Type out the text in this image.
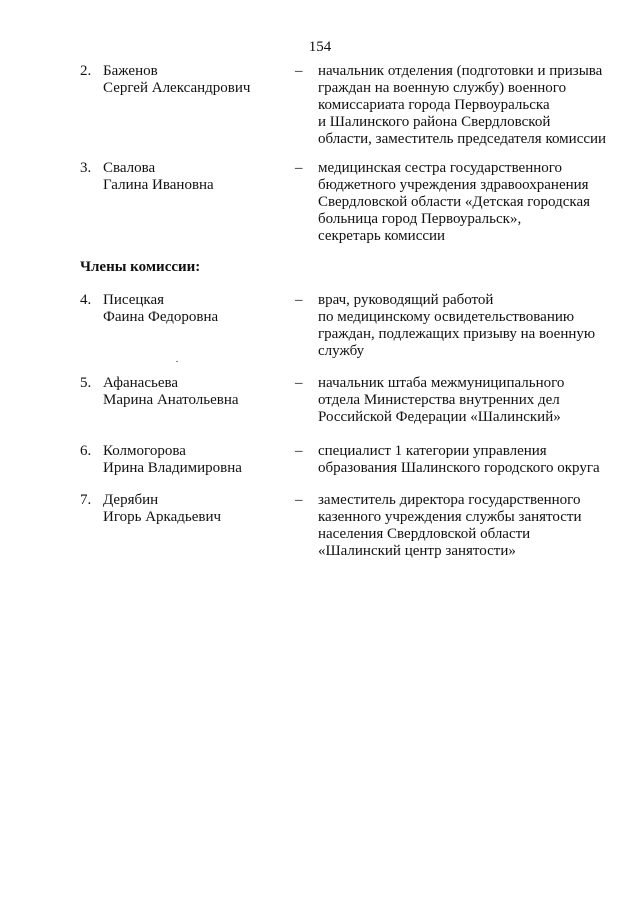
154
2. Баженов
Сергей Александрович
– начальник отделения (подготовки и призыва
граждан на военную службу) военного
комиссариата города Первоуральска
и Шалинского района Свердловской
области, заместитель председателя комиссии
3. Свалова
Галина Ивановна
– медицинская сестра государственного
бюджетного учреждения здравоохранения
Свердловской области «Детская городская
больница город Первоуральск»,
секретарь комиссии
Члены комиссии:
4. Писецкая
Фаина Федоровна
– врач, руководящий работой
по медицинскому освидетельствованию
граждан, подлежащих призыву на военную
службу
5. Афанасьева
Марина Анатольевна
– начальник штаба межмуниципального
отдела Министерства внутренних дел
Российской Федерации «Шалинский»
6. Колмогорова
Ирина Владимировна
– специалист 1 категории управления
образования Шалинского городского округа
7. Дерябин
Игорь Аркадьевич
– заместитель директора государственного
казенного учреждения службы занятости
населения Свердловской области
«Шалинский центр занятости»
